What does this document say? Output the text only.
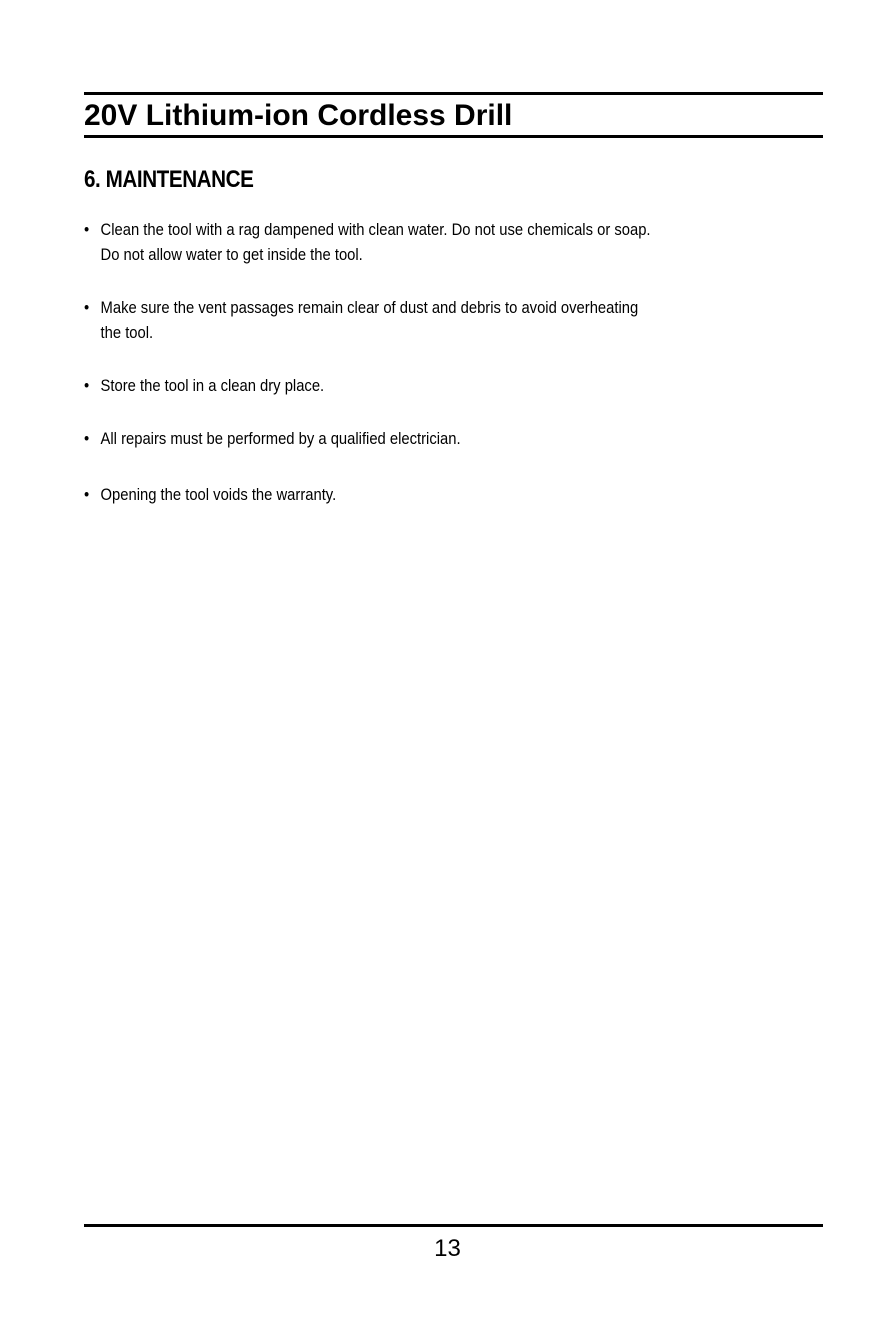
20V Lithium-ion Cordless Drill
6. MAINTENANCE
• Clean the tool with a rag dampened with clean water. Do not use chemicals or soap.
Do not allow water to get inside the tool.
• Make sure the vent passages remain clear of dust and debris to avoid overheating
the tool.
• Store the tool in a clean dry place.
• All repairs must be performed by a qualified electrician.
• Opening the tool voids the warranty.
13
